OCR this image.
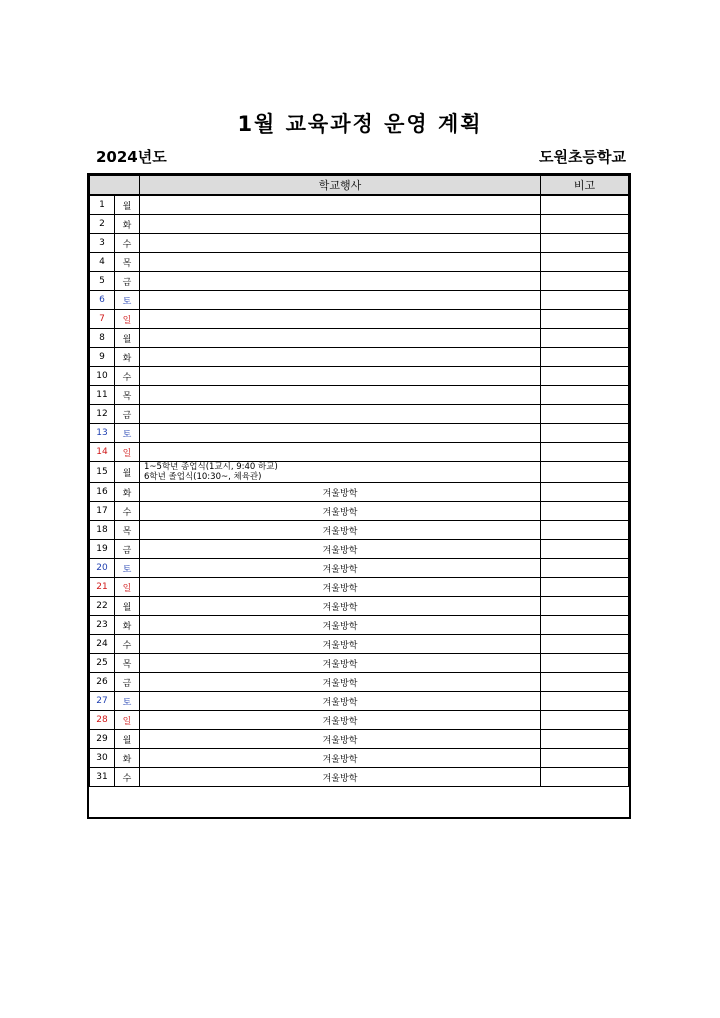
1월 교육과정 운영 계획
2024년도	도원초등학교
		학교행사	비고
1	월		
2	화		
3	수		
4	목		
5	금		
6	토		
7	일		
8	월		
9	화		
10	수		
11	목		
12	금		
13	토		
14	일		
15	월	1~5학년 종업식(1교시, 9:40 하교)
6학년 졸업식(10:30~, 체육관)	

16	화	겨울방학	
17	수	겨울방학	
18	목	겨울방학	
19	금	겨울방학	
20	토	겨울방학	
21	일	겨울방학	
22	월	겨울방학	
23	화	겨울방학	
24	수	겨울방학	
25	목	겨울방학	
26	금	겨울방학	
27	토	겨울방학	
28	일	겨울방학	
29	월	겨울방학	
30	화	겨울방학	
31	수	겨울방학	
